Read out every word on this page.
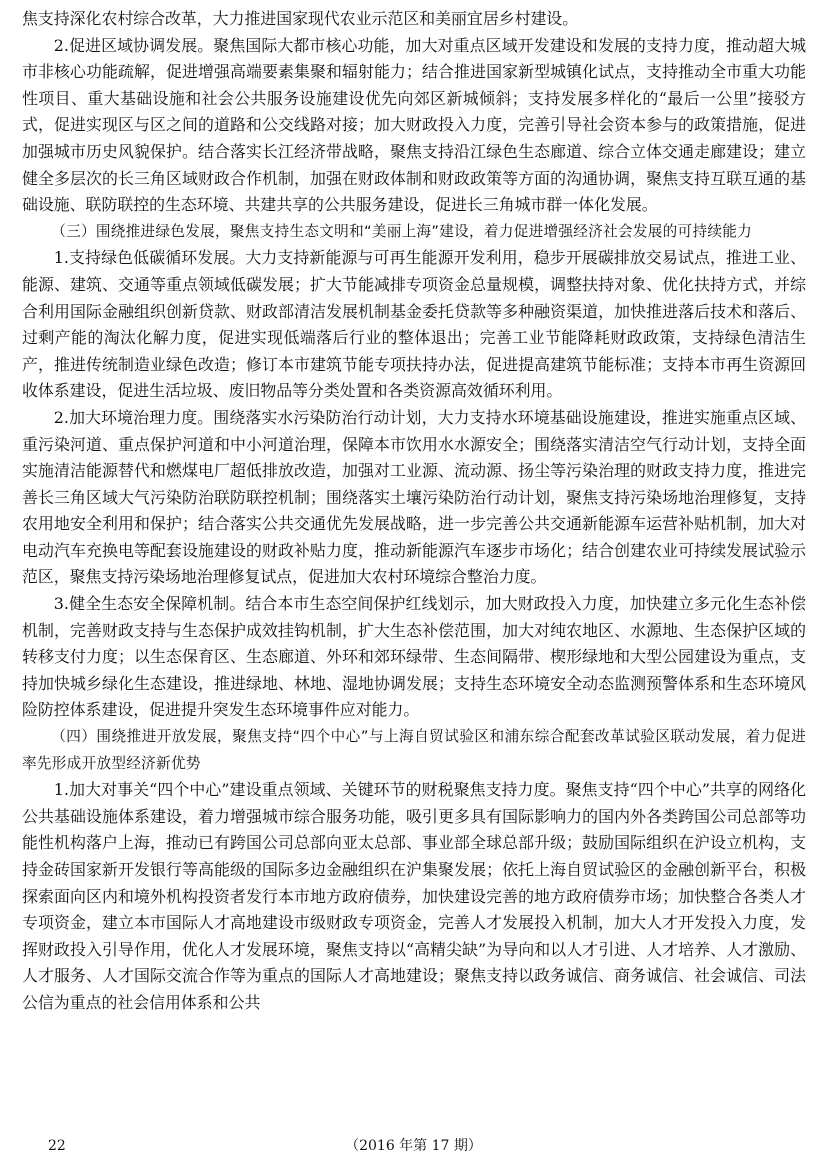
焦支持深化农村综合改革，大力推进国家现代农业示范区和美丽宜居乡村建设。

2.促进区域协调发展。聚焦国际大都市核心功能，加大对重点区域开发建设和发展的支持力度，推动超大城市非核心功能疏解，促进增强高端要素集聚和辐射能力；结合推进国家新型城镇化试点，支持推动全市重大功能性项目、重大基础设施和社会公共服务设施建设优先向郊区新城倾斜；支持发展多样化的“最后一公里”接驳方式，促进实现区与区之间的道路和公交线路对接；加大财政投入力度，完善引导社会资本参与的政策措施，促进加强城市历史风貌保护。结合落实长江经济带战略，聚焦支持沿江绿色生态廊道、综合立体交通走廊建设；建立健全多层次的长三角区域财政合作机制，加强在财政体制和财政政策等方面的沟通协调，聚焦支持互联互通的基础设施、联防联控的生态环境、共建共享的公共服务建设，促进长三角城市群一体化发展。

（三）围绕推进绿色发展，聚焦支持生态文明和“美丽上海”建设，着力促进增强经济社会发展的可持续能力

1.支持绿色低碳循环发展。大力支持新能源与可再生能源开发利用，稳步开展碳排放交易试点，推进工业、能源、建筑、交通等重点领域低碳发展；扩大节能减排专项资金总量规模，调整扶持对象、优化扶持方式，并综合利用国际金融组织创新贷款、财政部清洁发展机制基金委托贷款等多种融资渠道，加快推进落后技术和落后、过剩产能的淘汰化解力度，促进实现低端落后行业的整体退出；完善工业节能降耗财政政策，支持绿色清洁生产，推进传统制造业绿色改造；修订本市建筑节能专项扶持办法，促进提高建筑节能标准；支持本市再生资源回收体系建设，促进生活垃圾、废旧物品等分类处置和各类资源高效循环利用。

2.加大环境治理力度。围绕落实水污染防治行动计划，大力支持水环境基础设施建设，推进实施重点区域、重污染河道、重点保护河道和中小河道治理，保障本市饮用水水源安全；围绕落实清洁空气行动计划，支持全面实施清洁能源替代和燃煤电厂超低排放改造，加强对工业源、流动源、扬尘等污染治理的财政支持力度，推进完善长三角区域大气污染防治联防联控机制；围绕落实土壤污染防治行动计划，聚焦支持污染场地治理修复，支持农用地安全利用和保护；结合落实公共交通优先发展战略，进一步完善公共交通新能源车运营补贴机制，加大对电动汽车充换电等配套设施建设的财政补贴力度，推动新能源汽车逐步市场化；结合创建农业可持续发展试验示范区，聚焦支持污染场地治理修复试点，促进加大农村环境综合整治力度。

3.健全生态安全保障机制。结合本市生态空间保护红线划示，加大财政投入力度，加快建立多元化生态补偿机制，完善财政支持与生态保护成效挂钩机制，扩大生态补偿范围，加大对纯农地区、水源地、生态保护区域的转移支付力度；以生态保育区、生态廊道、外环和郊环绿带、生态间隔带、楔形绿地和大型公园建设为重点，支持加快城乡绿化生态建设，推进绿地、林地、湿地协调发展；支持生态环境安全动态监测预警体系和生态环境风险防控体系建设，促进提升突发生态环境事件应对能力。

（四）围绕推进开放发展，聚焦支持“四个中心”与上海自贸试验区和浦东综合配套改革试验区联动发展，着力促进率先形成开放型经济新优势

1.加大对事关“四个中心”建设重点领域、关键环节的财税聚焦支持力度。聚焦支持“四个中心”共享的网络化公共基础设施体系建设，着力增强城市综合服务功能，吸引更多具有国际影响力的国内外各类跨国公司总部等功能性机构落户上海，推动已有跨国公司总部向亚太总部、事业部全球总部升级；鼓励国际组织在沪设立机构，支持金砖国家新开发银行等高能级的国际多边金融组织在沪集聚发展；依托上海自贸试验区的金融创新平台，积极探索面向区内和境外机构投资者发行本市地方政府债券，加快建设完善的地方政府债券市场；加快整合各类人才专项资金，建立本市国际人才高地建设市级财政专项资金，完善人才发展投入机制，加大人才开发投入力度，发挥财政投入引导作用，优化人才发展环境，聚焦支持以“高精尖缺”为导向和以人才引进、人才培养、人才激励、人才服务、人才国际交流合作等为重点的国际人才高地建设；聚焦支持以政务诚信、商务诚信、社会诚信、司法公信为重点的社会信用体系和公共

（2016 年第 17 期）
22
